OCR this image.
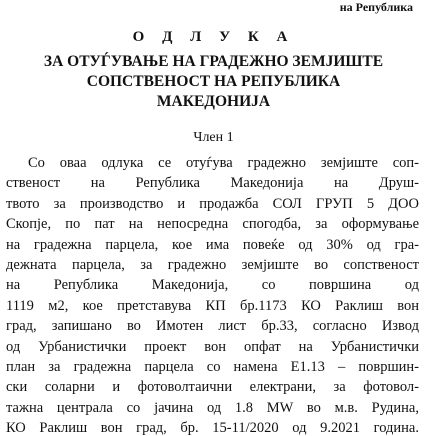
на Република
О Д Л У К А
ЗА ОТУЃУВАЊЕ НА ГРАДЕЖНО ЗЕМЈИШТЕ
СОПСТВЕНОСТ НА РЕПУБЛИКА
МАКЕДОНИЈА
Член 1
Со оваа одлука се отуѓува градежно земјиште соп-
ственост на Република Македонија на Друш-
твото за производство и продажба СОЛ ГРУП 5 ДОО
Скопје, по пат на непосредна спогодба, за оформување
на градежна парцела, кое има повеќе од 30% од гра-
дежната парцела, за градежно земјиште во сопственост
на Република Македонија, со површина од
1119 м2, кое претставува КП бр.1173 КО Раклиш вон
град, запишано во Имотен лист бр.33, согласно Извод
од Урбанистички проект вон опфат на Урбанистички
план за градежна парцела со намена Е1.13 – површин-
ски соларни и фотоволтаични електрани, за фотовол-
тажна централа со јачина од 1.8 MW во м.в. Рудина,
КО Раклиш вон град, бр. 15-11/2020 од 9.2021 година.
